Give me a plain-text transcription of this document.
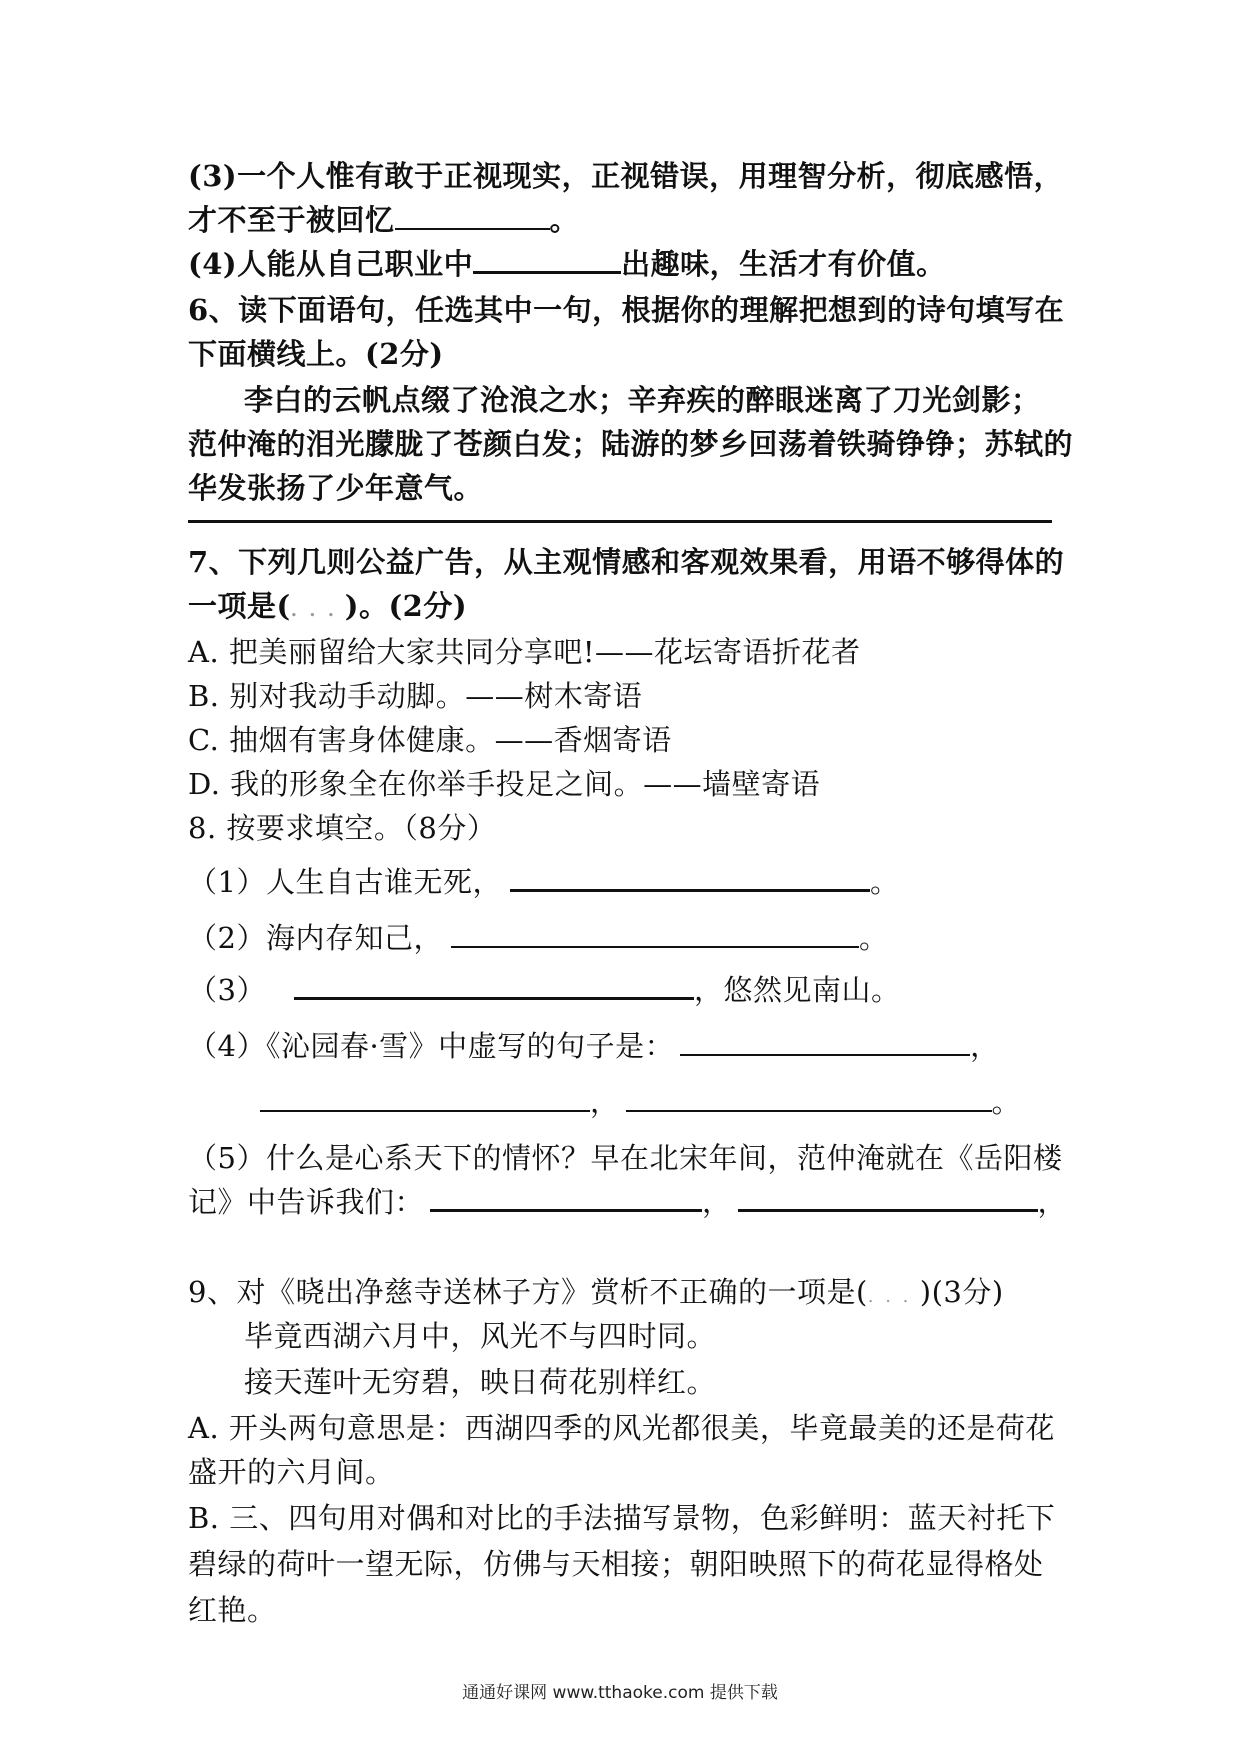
(3)一个人惟有敢于正视现实，正视错误，用理智分析，彻底感悟，
才不至于被回忆	。
(4)人能从自己职业中	出趣味，生活才有价值。
6、读下面语句，任选其中一句，根据你的理解把想到的诗句填写在
下面横线上。(2分)
李白的云帆点缀了沧浪之水；辛弃疾的醉眼迷离了刀光剑影；
范仲淹的泪光朦胧了苍颜白发；陆游的梦乡回荡着铁骑铮铮；苏轼的
华发张扬了少年意气。
7、下列几则公益广告，从主观情感和客观效果看，用语不够得体的
一项是(. . . )。(2分)
A. 把美丽留给大家共同分享吧!——花坛寄语折花者
B. 别对我动手动脚。——树木寄语
C. 抽烟有害身体健康。——香烟寄语
D. 我的形象全在你举手投足之间。——墙壁寄语
8. 按要求填空。（8分）
（1）人生自古谁无死，	。
（2）海内存知己，	。
（3）	，悠然见南山。
（4）《沁园春·雪》中虚写的句子是：	，
，	。
（5）什么是心系天下的情怀？早在北宋年间，范仲淹就在《岳阳楼
记》中告诉我们：	，	，
9、对《晓出净慈寺送林子方》赏析不正确的一项是(. . . )(3分)
毕竟西湖六月中，风光不与四时同。
接天莲叶无穷碧，映日荷花别样红。
A. 开头两句意思是：西湖四季的风光都很美，毕竟最美的还是荷花
盛开的六月间。
B. 三、四句用对偶和对比的手法描写景物，色彩鲜明：蓝天衬托下
碧绿的荷叶一望无际，仿佛与天相接；朝阳映照下的荷花显得格处
红艳。
通通好课网 www.tthaoke.com 提供下载
